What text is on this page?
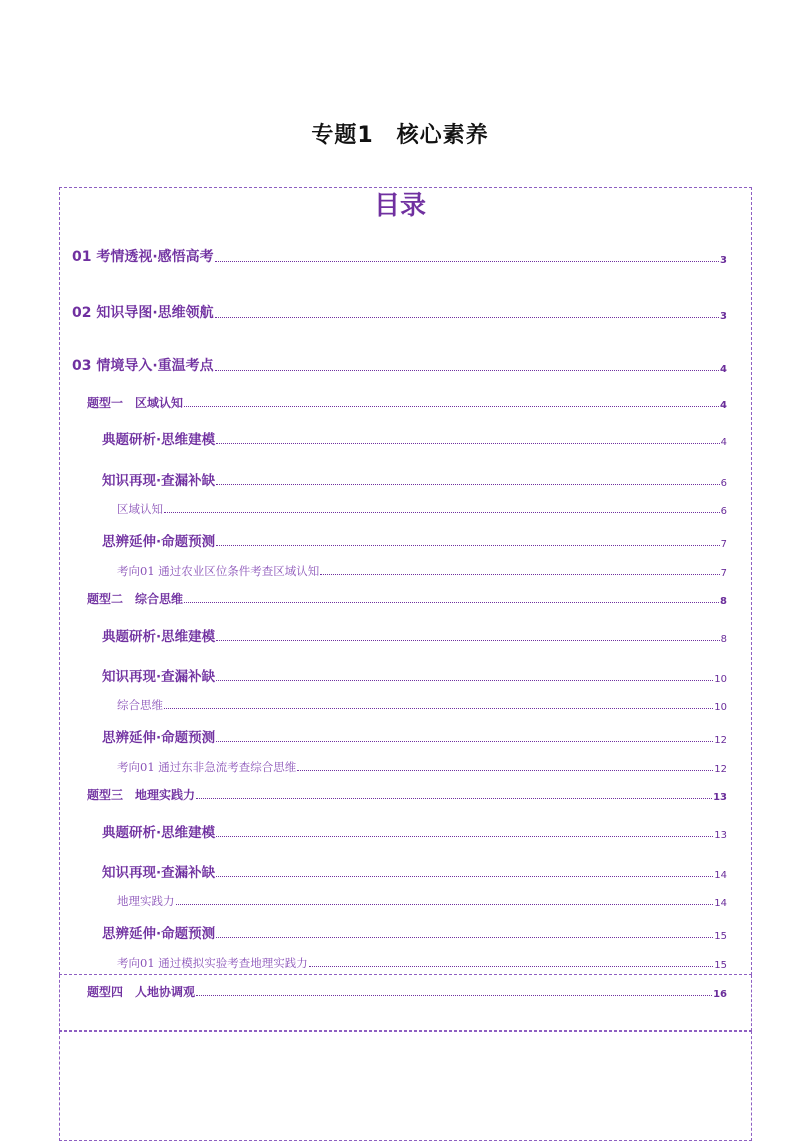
专题1　核心素养
目录
01 考情透视·感悟高考	3
02 知识导图·思维领航	3
03 情境导入·重温考点	4
题型一　区域认知	4
典题研析·思维建模	4
知识再现·查漏补缺	6
区域认知	6
思辨延伸·命题预测	7
考向01 通过农业区位条件考查区域认知	7
题型二　综合思维	8
典题研析·思维建模	8
知识再现·查漏补缺	10
综合思维	10
思辨延伸·命题预测	12
考向01 通过东非急流考查综合思维	12
题型三　地理实践力	13
典题研析·思维建模	13
知识再现·查漏补缺	14
地理实践力	14
思辨延伸·命题预测	15
考向01 通过模拟实验考查地理实践力	15
题型四　人地协调观	16
